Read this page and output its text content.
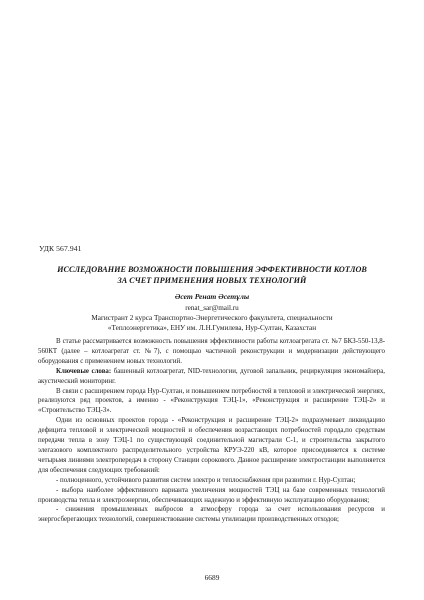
УДК 567.941
ИССЛЕДОВАНИЕ ВОЗМОЖНОСТИ ПОВЫШЕНИЯ ЭФФЕКТИВНОСТИ КОТЛОВ
ЗА СЧЕТ ПРИМЕНЕНИЯ НОВЫХ ТЕХНОЛОГИЙ
Әсет Ренат Әсетұлы
renat_sar@mail.ru
Магистрант 2 курса Транспортно-Энергетического факультета, специальности
«Теплоэнергетика», ЕНУ им. Л.Н.Гумилева, Нур-Султан, Казахстан

В статье рассматривается возможность повышения эффективности работы котлоагрегата ст. №7 БКЗ-550-13,8-560КТ (далее – котлоагрегат ст. №7), с помощью частичной реконструкции и модернизации действующего оборудования с применением новых технологий.

Ключевые слова: башенный котлоагрегат, NID-технологии, дуговой запальник, рециркуляция экономайзера, акустический мониторинг.

В связи с расширением города Нур-Султан, и повышением потребностей в тепловой и электрической энергиях, реализуются ряд проектов, а именно - «Реконструкция ТЭЦ-1», «Реконструкция и расширение ТЭЦ-2» и «Строительство ТЭЦ-3».

Одни из основных проектов города - «Реконструкция и расширение ТЭЦ-2» подразумевает ликвидацию дефицита тепловой и электрической мощностей и обеспечения возрастающих потребностей города,по средствам передачи тепла в зону ТЭЦ-1 по существующей соединительной магистрали С-1, и строительства закрытого элегазового комплектного распределительного устройства КРУЭ-220 кВ, которое присоединяется к системе четырьмя линиями электропередач в сторону Станции сорокового. Данное расширение электростанции выполняется для обеспечения следующих требований:

- полноценного, устойчивого развития систем электро и теплоснабжения при развитии г. Нур-Султан;

- выбора наиболее эффективного варианта увеличения мощностей ТЭЦ на базе современных технологий производства тепла и электроэнергии, обеспечивающих надежную и эффективную эксплуатацию оборудования;

- снижения промышленных выбросов в атмосферу города за счет использования ресурсов и энергосберегающих технологий, совершенствование системы утилизации производственных отходов;

6689
